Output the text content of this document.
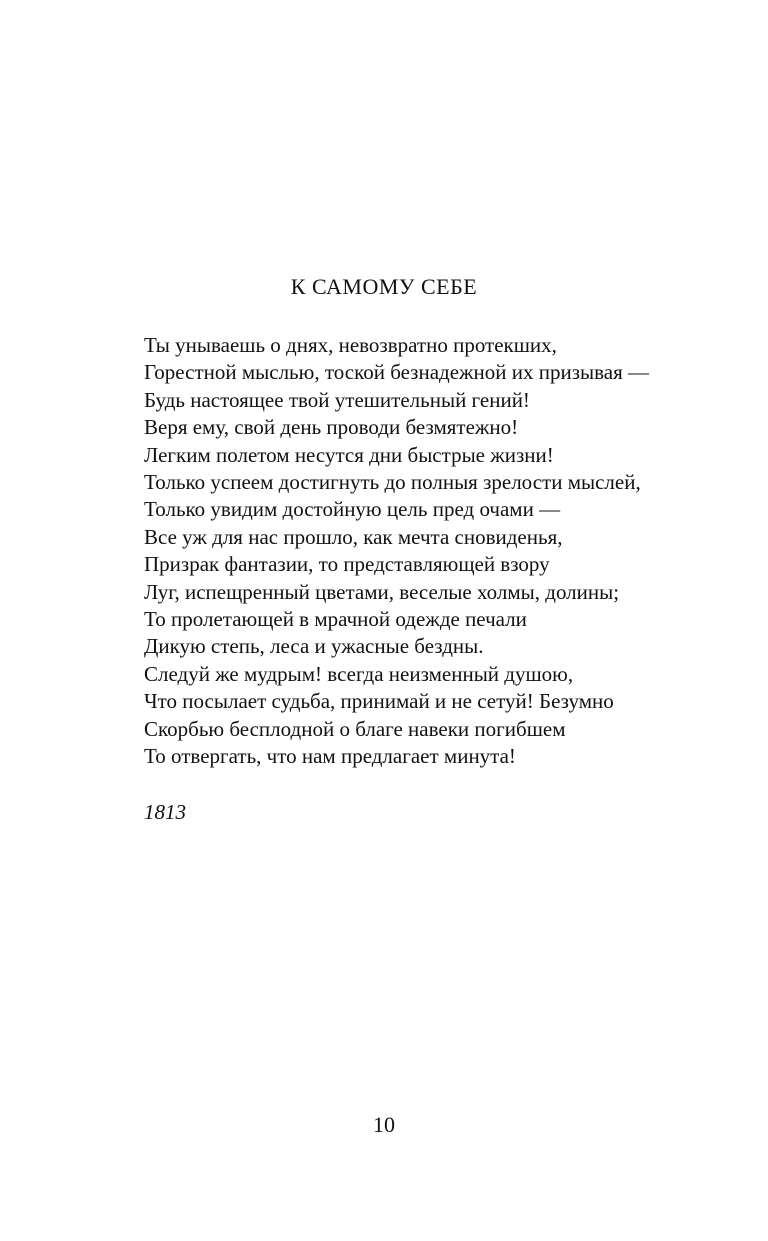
К САМОМУ СЕБЕ
Ты унываешь о днях, невозвратно протекших,
Горестной мыслью, тоской безнадежной их призывая —
Будь настоящее твой утешительный гений!
Веря ему, свой день проводи безмятежно!
Легким полетом несутся дни быстрые жизни!
Только успеем достигнуть до полныя зрелости мыслей,
Только увидим достойную цель пред очами —
Все уж для нас прошло, как мечта сновиденья,
Призрак фантазии, то представляющей взору
Луг, испещренный цветами, веселые холмы, долины;
То пролетающей в мрачной одежде печали
Дикую степь, леса и ужасные бездны.
Следуй же мудрым! всегда неизменный душою,
Что посылает судьба, принимай и не сетуй! Безумно
Скорбью бесплодной о благе навеки погибшем
То отвергать, что нам предлагает минута!
1813
10
